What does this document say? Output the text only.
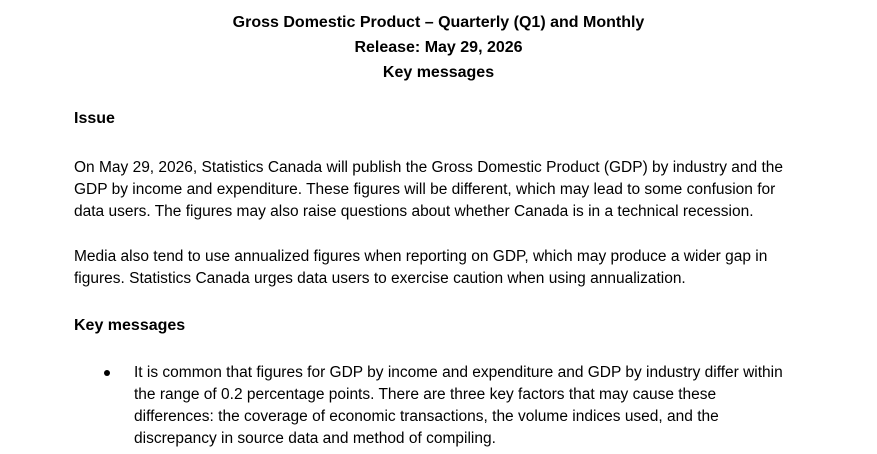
Gross Domestic Product – Quarterly (Q1) and Monthly
Release: May 29, 2026
Key messages
Issue
On May 29, 2026, Statistics Canada will publish the Gross Domestic Product (GDP) by industry and the
GDP by income and expenditure. These figures will be different, which may lead to some confusion for
data users. The figures may also raise questions about whether Canada is in a technical recession.
Media also tend to use annualized figures when reporting on GDP, which may produce a wider gap in
figures. Statistics Canada urges data users to exercise caution when using annualization.
Key messages
It is common that figures for GDP by income and expenditure and GDP by industry differ within
the range of 0.2 percentage points. There are three key factors that may cause these
differences: the coverage of economic transactions, the volume indices used, and the
discrepancy in source data and method of compiling.
